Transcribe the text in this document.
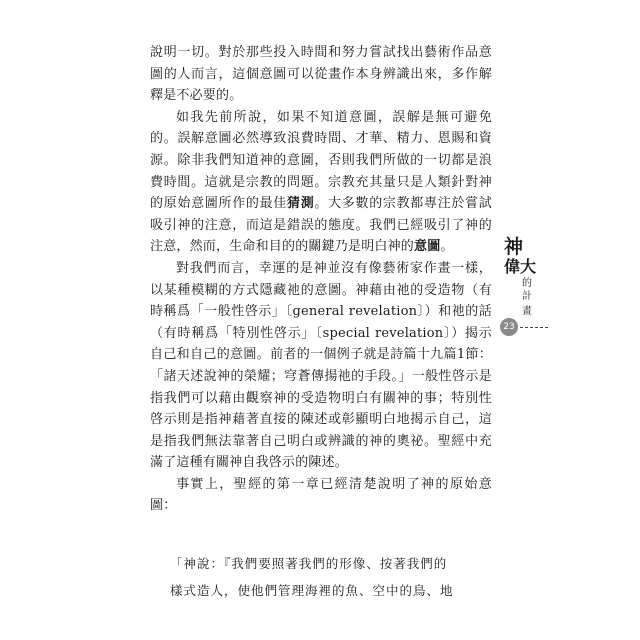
說明一切。對於那些投入時間和努力嘗試找出藝術作品意圖的人而言，這個意圖可以從畫作本身辨識出來，多作解釋是不必要的。

如我先前所說，如果不知道意圖，誤解是無可避免的。誤解意圖必然導致浪費時間、才華、精力、恩賜和資源。除非我們知道神的意圖，否則我們所做的一切都是浪費時間。這就是宗教的問題。宗教充其量只是人類針對神的原始意圖所作的最佳猜測。大多數的宗教都專注於嘗試吸引神的注意，而這是錯誤的態度。我們已經吸引了神的注意，然而，生命和目的的關鍵乃是明白神的意圖。

對我們而言，幸運的是神並沒有像藝術家作畫一樣，以某種模糊的方式隱藏祂的意圖。神藉由祂的受造物（有時稱爲「一般性啓示」〔general revelation〕）和祂的話（有時稱爲「特別性啓示」〔special revelation〕）揭示自己和自己的意圖。前者的一個例子就是詩篇十九篇1節：「諸天述說神的榮耀；穹蒼傳揚祂的手段。」一般性啓示是指我們可以藉由觀察神的受造物明白有關神的事；特別性啓示則是指神藉著直接的陳述或彰顯明白地揭示自己，這是指我們無法靠著自己明白或辨識的神的奧祕。聖經中充滿了這種有關神自我啓示的陳述。

事實上，聖經的第一章已經清楚說明了神的原始意圖：

「神說：『我們要照著我們的形像、按著我們的

樣式造人，使他們管理海裡的魚、空中的鳥、地

神
偉 大
的
計畫
23
